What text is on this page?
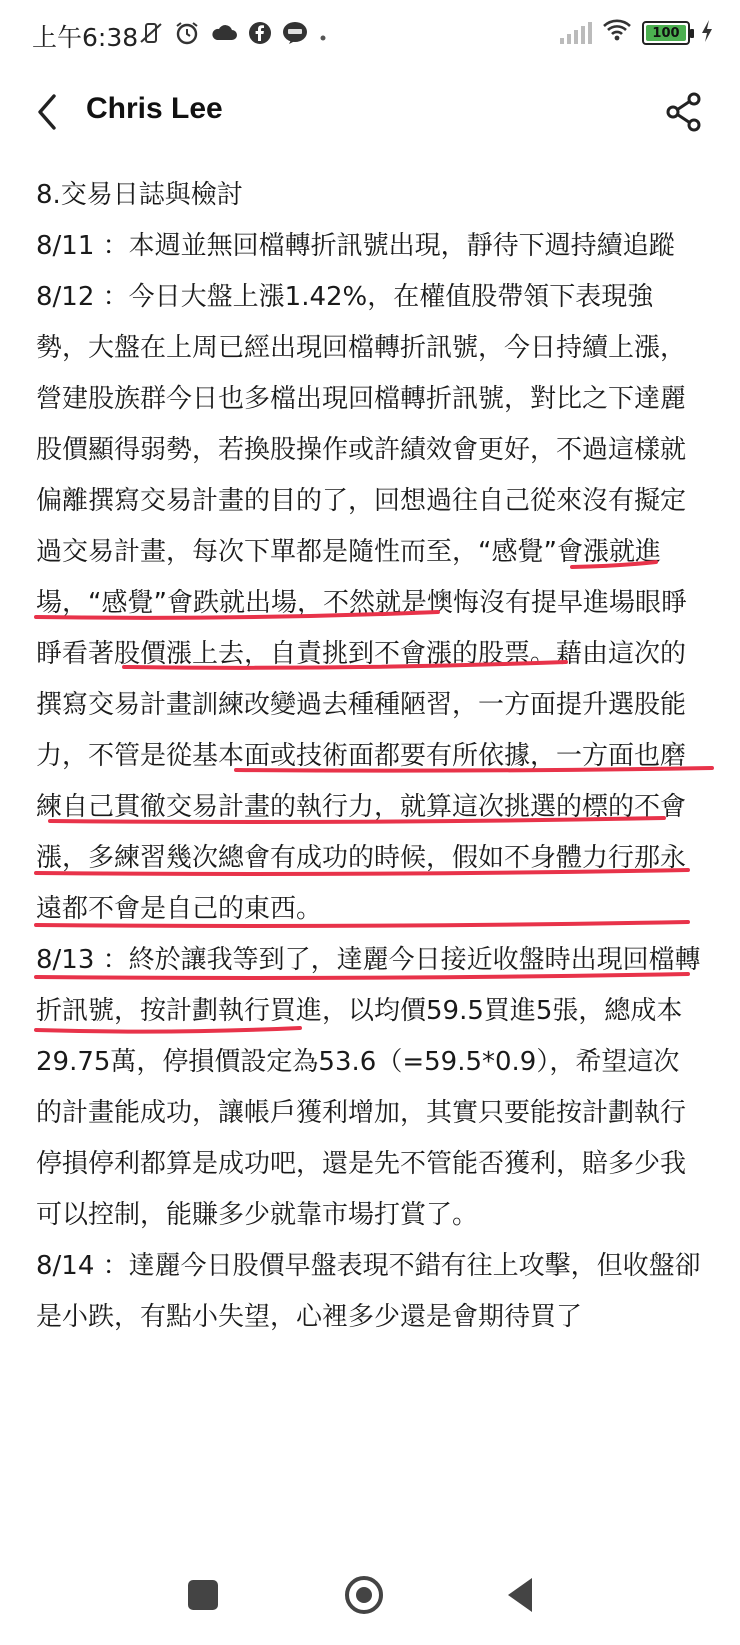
上午6:38	100
Chris Lee
8.交易日誌與檢討
8/11 ：本週並無回檔轉折訊號出現，靜待下週持續追蹤
8/12 ：今日大盤上漲1.42%，在權值股帶領下表現強勢，大盤在上周已經出現回檔轉折訊號，今日持續上漲，營建股族群今日也多檔出現回檔轉折訊號，對比之下達麗股價顯得弱勢，若換股操作或許績效會更好，不過這樣就偏離撰寫交易計畫的目的了，回想過往自己從來沒有擬定過交易計畫，每次下單都是隨性而至，“感覺”會漲就進場，“感覺”會跌就出場，不然就是懊悔沒有提早進場眼睜睜看著股價漲上去，自責挑到不會漲的股票。藉由這次的撰寫交易計畫訓練改變過去種種陋習，一方面提升選股能力，不管是從基本面或技術面都要有所依據，一方面也磨練自己貫徹交易計畫的執行力，就算這次挑選的標的不會漲，多練習幾次總會有成功的時候，假如不身體力行那永遠都不會是自己的東西。
8/13 ：終於讓我等到了，達麗今日接近收盤時出現回檔轉折訊號，按計劃執行買進，以均價59.5買進5張，總成本29.75萬，停損價設定為53.6（=59.5*0.9），希望這次的計畫能成功，讓帳戶獲利增加，其實只要能按計劃執行停損停利都算是成功吧，還是先不管能否獲利，賠多少我可以控制，能賺多少就靠市場打賞了。
8/14 ：達麗今日股價早盤表現不錯有往上攻擊，但收盤卻是小跌，有點小失望，心裡多少還是會期待買了
